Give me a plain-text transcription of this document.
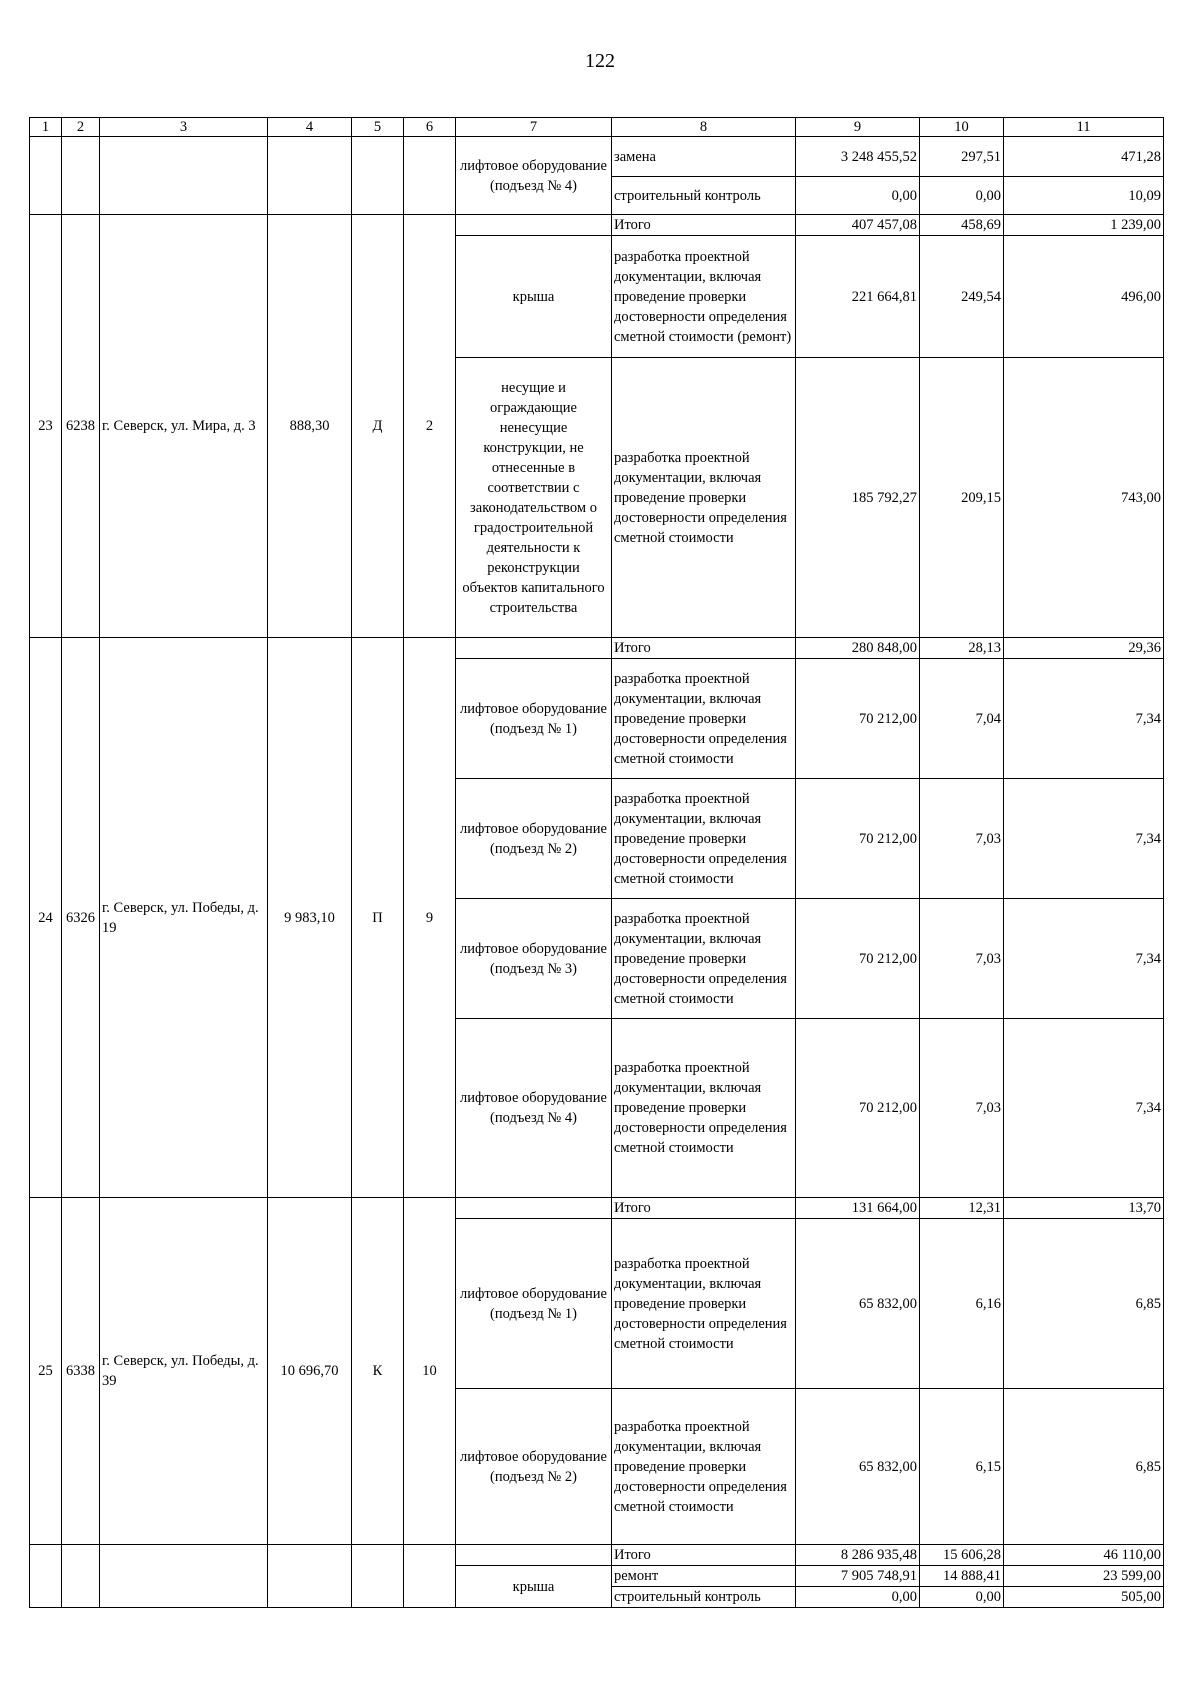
122
1	2	3	4	5	6	7	8	9	10	11
						лифтовое оборудование (подъезд № 4)	замена	3 248 455,52	297,51	471,28
							строительный контроль	0,00	0,00	10,09
23	6238	г. Северск, ул. Мира, д. 3	888,30	Д	2		Итого	407 457,08	458,69	1 239,00
						крыша	разработка проектной документации, включая проведение проверки достоверности определения сметной стоимости (ремонт)	221 664,81	249,54	496,00
						несущие и ограждающие ненесущие конструкции, не отнесенные в соответствии с законодательством о градостроительной деятельности к реконструкции объектов капитального строительства	разработка проектной документации, включая проведение проверки достоверности определения сметной стоимости	185 792,27	209,15	743,00
24	6326	г. Северск, ул. Победы, д. 19	9 983,10	П	9		Итого	280 848,00	28,13	29,36
						лифтовое оборудование (подъезд № 1)	разработка проектной документации, включая проведение проверки достоверности определения сметной стоимости	70 212,00	7,04	7,34
						лифтовое оборудование (подъезд № 2)	разработка проектной документации, включая проведение проверки достоверности определения сметной стоимости	70 212,00	7,03	7,34
						лифтовое оборудование (подъезд № 3)	разработка проектной документации, включая проведение проверки достоверности определения сметной стоимости	70 212,00	7,03	7,34
						лифтовое оборудование (подъезд № 4)	разработка проектной документации, включая проведение проверки достоверности определения сметной стоимости	70 212,00	7,03	7,34
25	6338	г. Северск, ул. Победы, д. 39	10 696,70	К	10		Итого	131 664,00	12,31	13,70
						лифтовое оборудование (подъезд № 1)	разработка проектной документации, включая проведение проверки достоверности определения сметной стоимости	65 832,00	6,16	6,85
						лифтовое оборудование (подъезд № 2)	разработка проектной документации, включая проведение проверки достоверности определения сметной стоимости	65 832,00	6,15	6,85
							Итого	8 286 935,48	15 606,28	46 110,00
						крыша	ремонт	7 905 748,91	14 888,41	23 599,00
							строительный контроль	0,00	0,00	505,00
